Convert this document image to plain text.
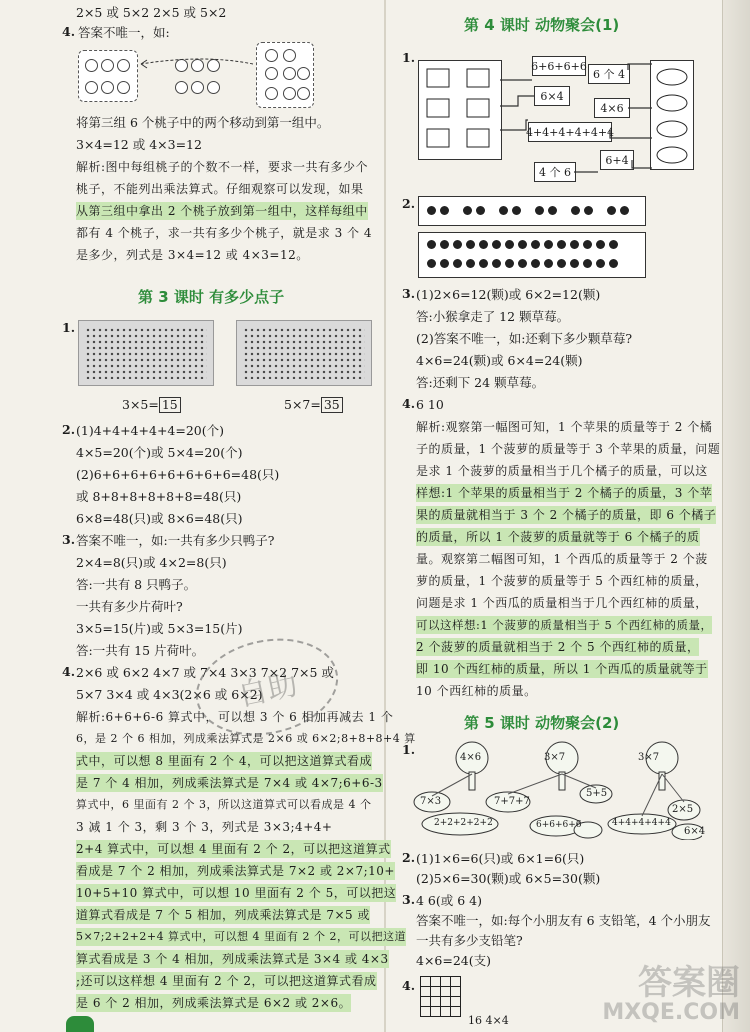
2×5 或 5×2 2×5 或 5×2
4. 答案不唯一，如:
将第三组 6 个桃子中的两个移动到第一组中。
3×4=12 或 4×3=12
解析:图中每组桃子的个数不一样，要求一共有多少个
桃子，不能列出乘法算式。仔细观察可以发现，如果
从第三组中拿出 2 个桃子放到第一组中，这样每组中
都有 4 个桃子，求一共有多少个桃子，就是求 3 个 4
是多少，列式是 3×4=12 或 4×3=12。
第 3 课时 有多少点子
1.
3×5= 15	5×7= 35
2. (1)4+4+4+4+4=20(个)
4×5=20(个)或 5×4=20(个)
(2)6+6+6+6+6+6+6+6=48(只)
或 8+8+8+8+8+8=48(只)
6×8=48(只)或 8×6=48(只)
3. 答案不唯一，如:一共有多少只鸭子?
2×4=8(只)或 4×2=8(只)
答:一共有 8 只鸭子。
一共有多少片荷叶?
3×5=15(片)或 5×3=15(片)
答:一共有 15 片荷叶。
4. 2×6 或 6×2 4×7 或 7×4 3×3 7×2 7×5 或
5×7 3×4 或 4×3(2×6 或 6×2)
解析:6+6+6-6 算式中，可以想 3 个 6 相加再减去 1 个
6，是 2 个 6 相加，列成乘法算式是 2×6 或 6×2;8+8+8+4 算
式中，可以想 8 里面有 2 个 4，可以把这道算式看成
是 7 个 4 相加，列成乘法算式是 7×4 或 4×7;6+6-3
算式中，6 里面有 2 个 3，所以这道算式可以看成是 4 个
3 减 1 个 3，剩 3 个 3，列式是 3×3;4+4+
2+4 算式中，可以想 4 里面有 2 个 2，可以把这道算式
看成是 7 个 2 相加，列成乘法算式是 7×2 或 2×7;10+
10+5+10 算式中，可以想 10 里面有 2 个 5，可以把这
道算式看成是 7 个 5 相加，列成乘法算式是 7×5 或
5×7;2+2+2+4 算式中，可以想 4 里面有 2 个 2，可以把这道
算式看成是 3 个 4 相加，列成乘法算式是 3×4 或 4×3
;还可以这样想 4 里面有 2 个 2，可以把这道算式看成
是 6 个 2 相加，列成乘法算式是 6×2 或 2×6。
自助
第 4 课时 动物聚会(1)
1.
6+6+6+6
6 个 4
6×4
4×6
4+4+4+4+4+4
6+4
4 个 6
2.
3. (1)2×6=12(颗)或 6×2=12(颗)
答:小猴拿走了 12 颗草莓。
(2)答案不唯一，如:还剩下多少颗草莓?
4×6=24(颗)或 6×4=24(颗)
答:还剩下 24 颗草莓。
4. 6 10
解析:观察第一幅图可知，1 个苹果的质量等于 2 个橘
子的质量，1 个菠萝的质量等于 3 个苹果的质量，问题
是求 1 个菠萝的质量相当于几个橘子的质量，可以这
样想:1 个苹果的质量相当于 2 个橘子的质量，3 个苹
果的质量就相当于 3 个 2 个橘子的质量，即 6 个橘子
的质量，所以 1 个菠萝的质量就等于 6 个橘子的质
量。观察第二幅图可知，1 个西瓜的质量等于 2 个菠
萝的质量，1 个菠萝的质量等于 5 个西红柿的质量，
问题是求 1 个西瓜的质量相当于几个西红柿的质量，
可以这样想:1 个菠萝的质量相当于 5 个西红柿的质量，
2 个菠萝的质量就相当于 2 个 5 个西红柿的质量，
即 10 个西红柿的质量，所以 1 个西瓜的质量就等于
10 个西红柿的质量。
第 5 课时 动物聚会(2)
1.
4×6	3×7
7×3	7+7+7
5+5
2×5
2+2+2+2+2
3×7
6+6+6+6	4+4+4+4+4
6×4
2. (1)1×6=6(只)或 6×1=6(只)
(2)5×6=30(颗)或 6×5=30(颗)
3. 4 6(或 6 4)
答案不唯一，如:每个小朋友有 6 支铅笔，4 个小朋友
一共有多少支铅笔?
4×6=24(支)
4.

16 4×4
答案圈
MXQE.COM
